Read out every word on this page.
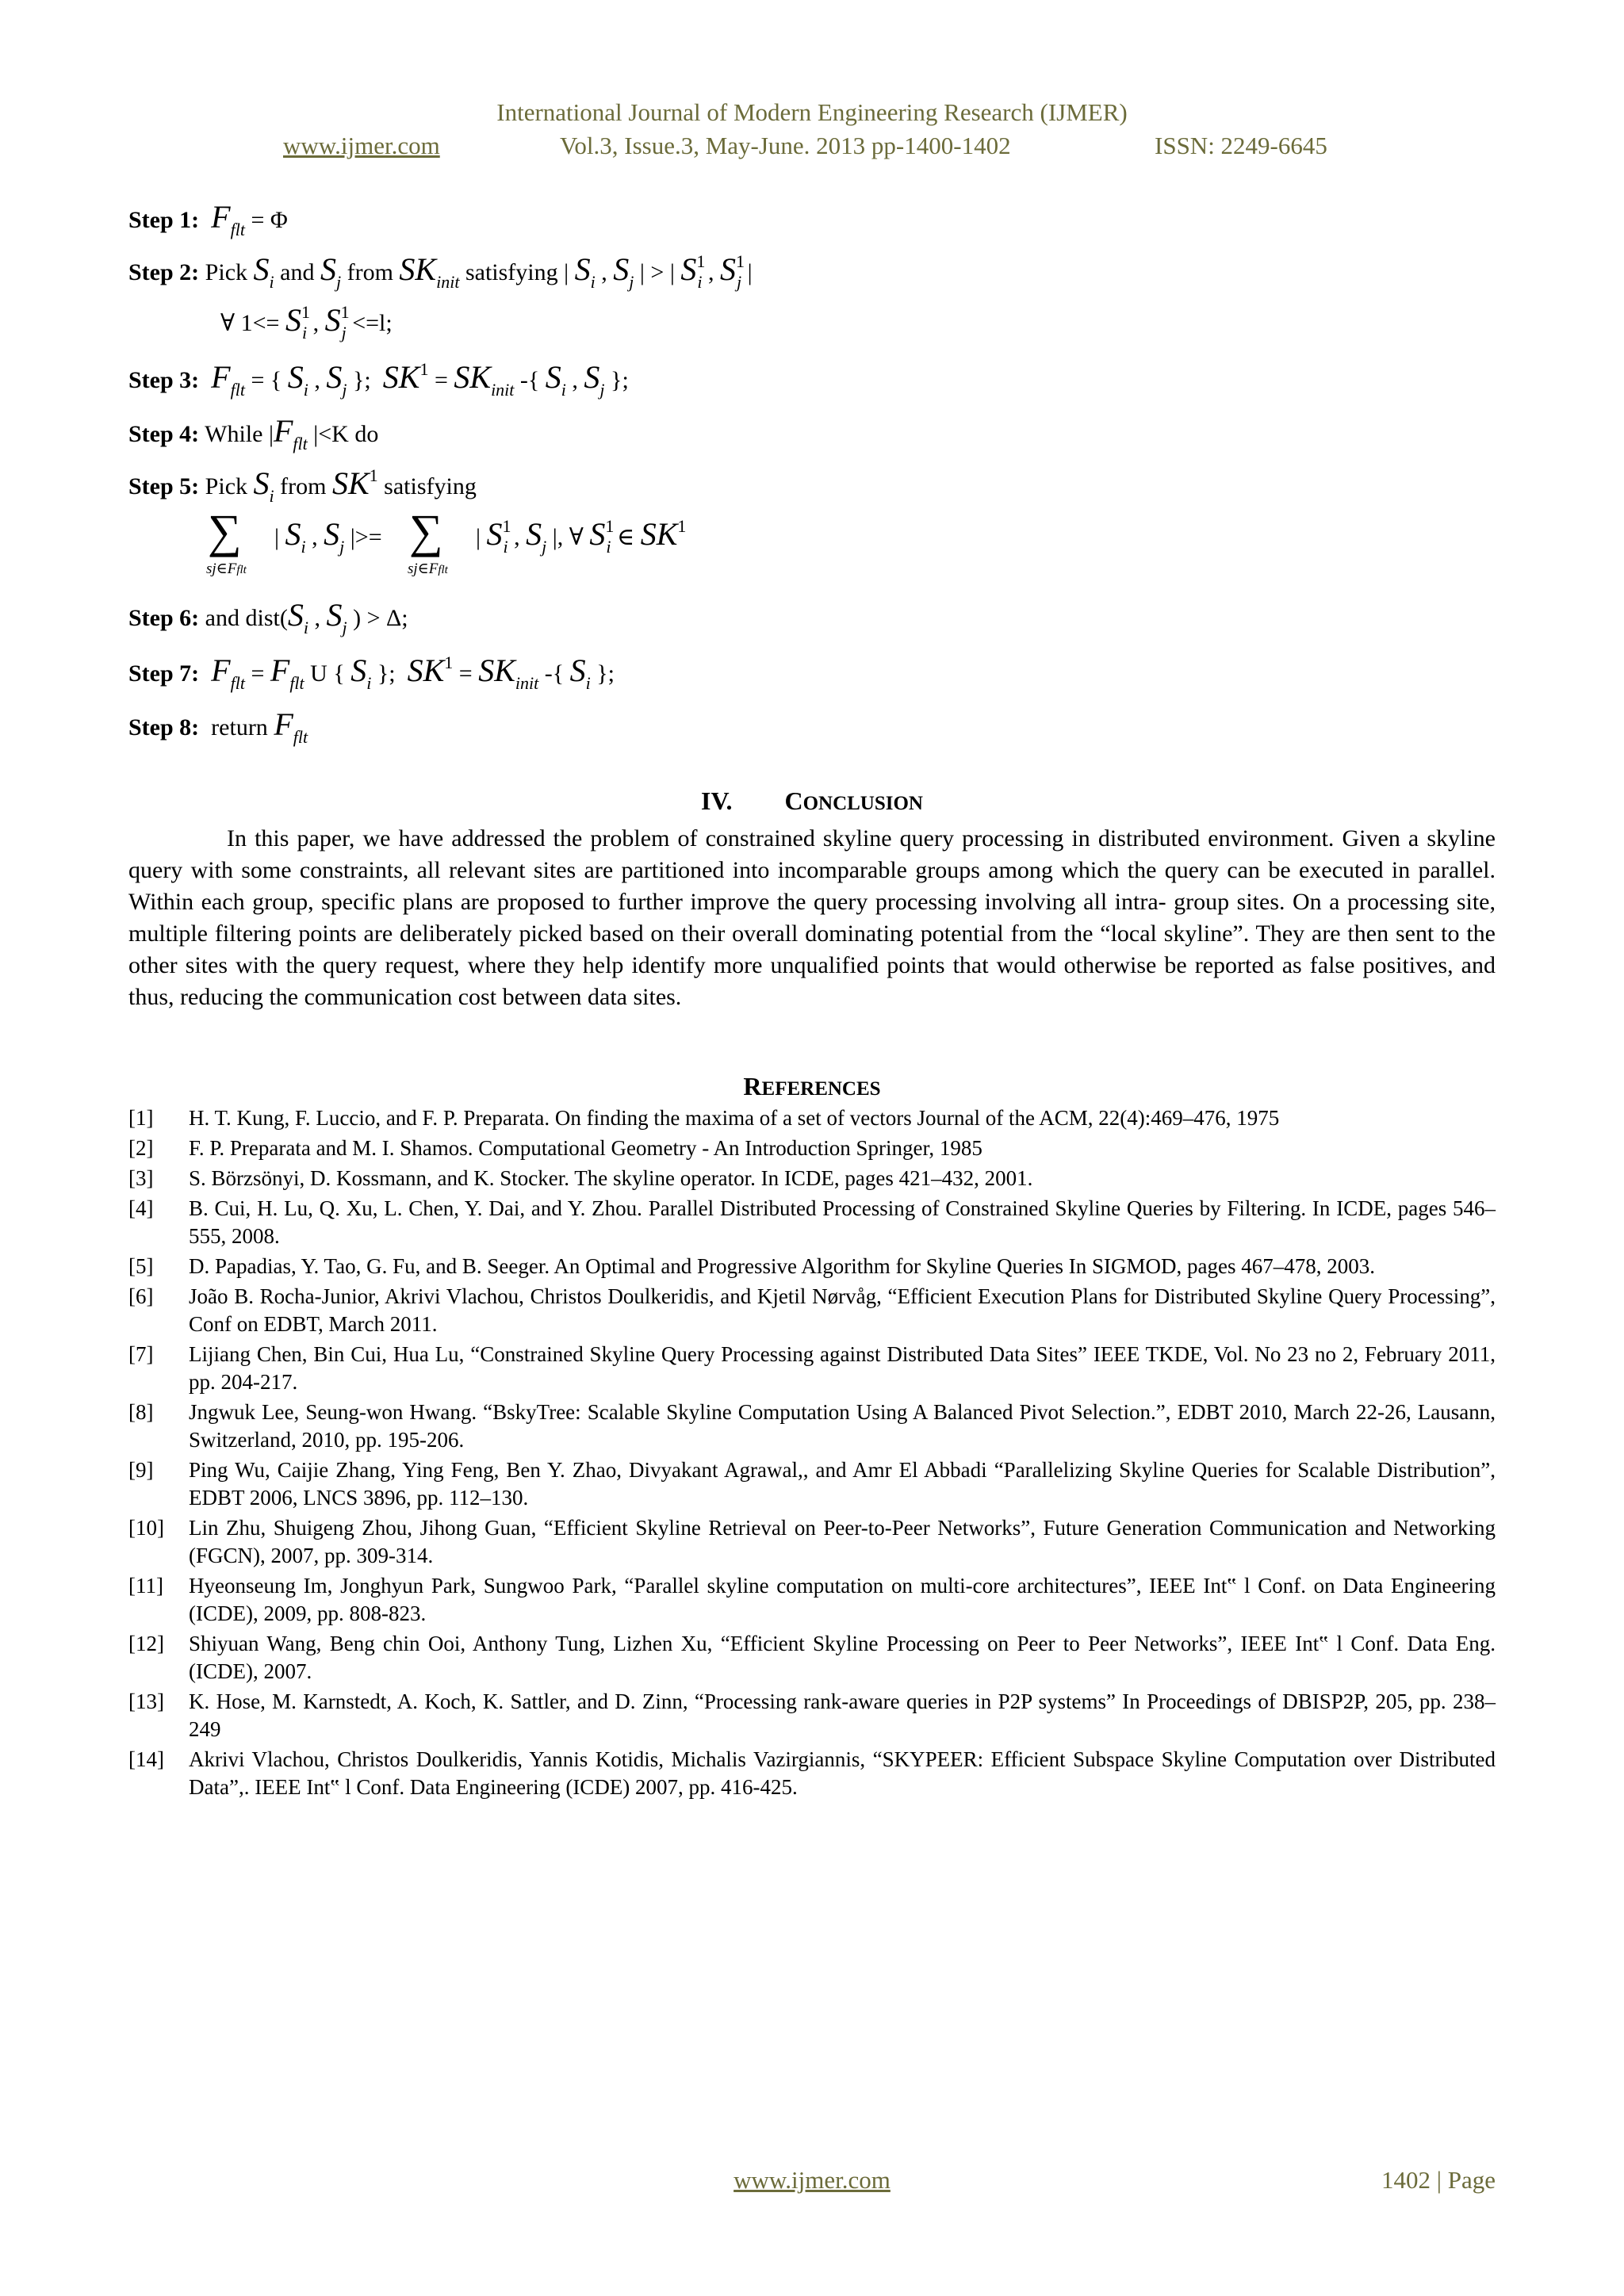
International Journal of Modern Engineering Research (IJMER)
www.ijmer.com	Vol.3, Issue.3, May-June. 2013 pp-1400-1402	ISSN: 2249-6645
Step 1: $F_{flt} = \Phi$
Step 2: Pick $S_i$ and $S_j$ from $SK_{init}$ satisfying | $S_i$ , $S_j$ | > | $S^1_i$ , $S^1_j$ |
∀ $1<= S^1_i$ , $S^1_j <=l$;
Step 3: $F_{flt}$ = { $S_i$ , $S_j$ };  $SK^1 = SK_{init}$ -{ $S_i$ , $S_j$ };
Step 4: While $|F_{flt}$ |<K do
Step 5: Pick $S_i$ from $SK^1$ satisfying
∑
sj∈Fflt
| $S_i$ , $S_j$ |>= ∑
sj∈Fflt
| $S^1_i$ , $S_j$ |, ∀ $S^1_i$ ∈ $SK^1$
Step 6: and $dist(S_i$ , $S_j$ ) > Δ;
Step 7: $F_{flt} = F_{flt}$ U { $S_i$ };  $SK^1 = SK_{init}$ -{ $S_i$ };
Step 8: return $F_{flt}$
IV. CONCLUSION
In this paper, we have addressed the problem of constrained skyline query processing in distributed environment. Given a skyline query with some constraints, all relevant sites are partitioned into incomparable groups among which the query can be executed in parallel. Within each group, specific plans are proposed to further improve the query processing involving all intra- group sites. On a processing site, multiple filtering points are deliberately picked based on their overall dominating potential from the “local skyline”. They are then sent to the other sites with the query request, where they help identify more unqualified points that would otherwise be reported as false positives, and thus, reducing the communication cost between data sites.
REFERENCES
[1]	H. T. Kung, F. Luccio, and F. P. Preparata. On finding the maxima of a set of vectors Journal of the ACM, 22(4):469–476, 1975
[2]	F. P. Preparata and M. I. Shamos. Computational Geometry - An Introduction Springer, 1985
[3]	S. Börzsönyi, D. Kossmann, and K. Stocker. The skyline operator. In ICDE, pages 421–432, 2001.
[4]	B. Cui, H. Lu, Q. Xu, L. Chen, Y. Dai, and Y. Zhou. Parallel Distributed Processing of Constrained Skyline Queries by Filtering. In ICDE, pages 546–555, 2008.
[5]	D. Papadias, Y. Tao, G. Fu, and B. Seeger. An Optimal and Progressive Algorithm for Skyline Queries In SIGMOD, pages 467–478, 2003.
[6]	João B. Rocha-Junior, Akrivi Vlachou, Christos Doulkeridis, and Kjetil Nørvåg, “Efficient Execution Plans for Distributed Skyline Query Processing”, Conf on EDBT, March 2011.
[7]	Lijiang Chen, Bin Cui, Hua Lu, “Constrained Skyline Query Processing against Distributed Data Sites” IEEE TKDE, Vol. No 23 no 2, February 2011, pp. 204-217.
[8]	Jngwuk Lee, Seung-won Hwang. “BskyTree: Scalable Skyline Computation Using A Balanced Pivot Selection.”, EDBT 2010, March 22-26, Lausann, Switzerland, 2010, pp. 195-206.
[9]	Ping Wu, Caijie Zhang, Ying Feng, Ben Y. Zhao, Divyakant Agrawal,, and Amr El Abbadi “Parallelizing Skyline Queries for Scalable Distribution”, EDBT 2006, LNCS 3896, pp. 112–130.
[10]	Lin Zhu, Shuigeng Zhou, Jihong Guan, “Efficient Skyline Retrieval on Peer-to-Peer Networks”, Future Generation Communication and Networking (FGCN), 2007, pp. 309-314.
[11]	Hyeonseung Im, Jonghyun Park, Sungwoo Park, “Parallel skyline computation on multi-core architectures”, IEEE Int‟ l Conf. on Data Engineering (ICDE), 2009, pp. 808-823.
[12]	Shiyuan Wang, Beng chin Ooi, Anthony Tung, Lizhen Xu, “Efficient Skyline Processing on Peer to Peer Networks”, IEEE Int‟ l Conf. Data Eng. (ICDE), 2007.
[13]	K. Hose, M. Karnstedt, A. Koch, K. Sattler, and D. Zinn, “Processing rank-aware queries in P2P systems” In Proceedings of DBISP2P, 205, pp. 238–249
[14]	Akrivi Vlachou, Christos Doulkeridis, Yannis Kotidis, Michalis Vazirgiannis, “SKYPEER: Efficient Subspace Skyline Computation over Distributed Data”,. IEEE Int‟ l Conf. Data Engineering (ICDE) 2007, pp. 416-425.
www.ijmer.com	1402 | Page
